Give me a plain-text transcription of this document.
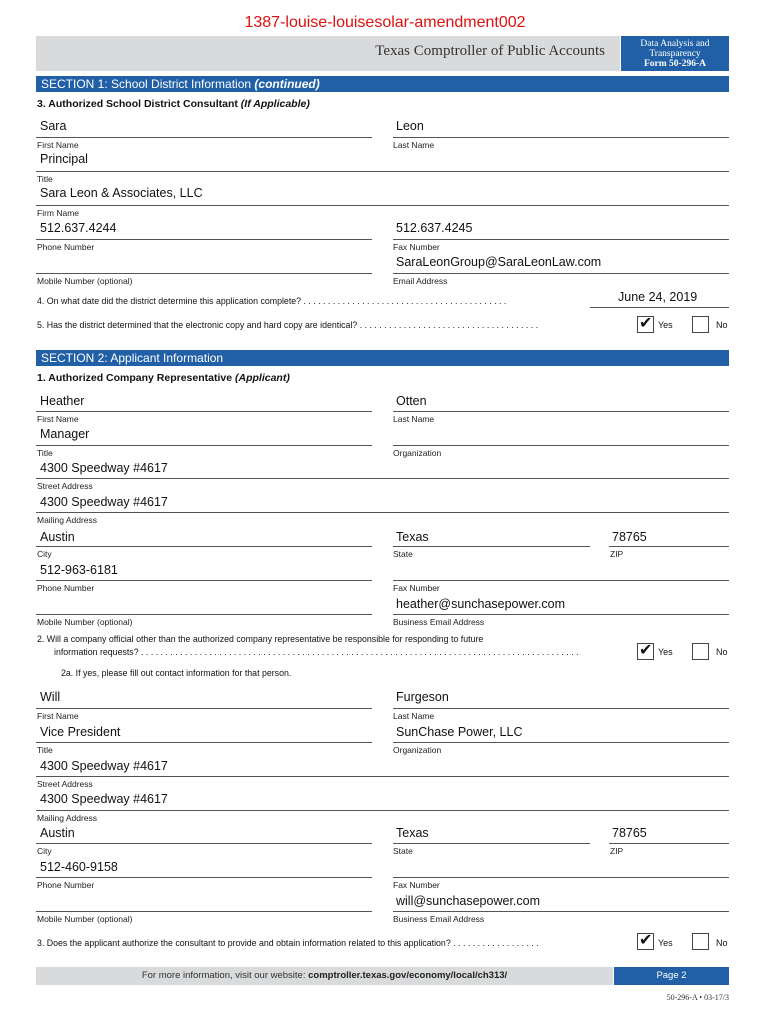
1387-louise-louisesolar-amendment002
Texas Comptroller of Public Accounts	Data Analysis and
Transparency
Form 50-296-A
SECTION 1: School District Information (continued)
3. Authorized School District Consultant (If Applicable)
Sara
First Name
Leon
Last Name
Principal
Title
Sara Leon & Associates, LLC
Firm Name
512.637.4244
Phone Number
512.637.4245
Fax Number
Mobile Number (optional)
SaraLeonGroup@SaraLeonLaw.com
Email Address
4. On what date did the district determine this application complete? . . . . . . . . . . . . . . . . . . . . . . . . . . . . . . . . . . . . . . . . . .	June 24, 2019
5. Has the district determined that the electronic copy and hard copy are identical? . . . . . . . . . . . . . . . . . . . . . . . . . . . . . . . . . . . . .	✔ Yes	No
SECTION 2: Applicant Information
1. Authorized Company Representative (Applicant)
Heather
First Name
Otten
Last Name
Manager
Title	Organization
4300 Speedway #4617
Street Address
4300 Speedway #4617
Mailing Address
Austin
City
Texas
State
78765
ZIP
512-963-6181
Phone Number	Fax Number
Mobile Number (optional)
heather@sunchasepower.com
Business Email Address
2. Will a company official other than the authorized company representative be responsible for responding to future
information requests? . . . . . . . . . . . . . . . . . . . . . . . . . . . . . . . . . . . . . . . . . . . . . . . . . . . . . . . . . . . . . . . . . . . . . . . . . . . . . . . . . . . . . . . . . .	✔ Yes	No
2a. If yes, please fill out contact information for that person.
Will
First Name
Furgeson
Last Name
Vice President
Title
SunChase Power, LLC
Organization
4300 Speedway #4617
Street Address
4300 Speedway #4617
Mailing Address
Austin
City
Texas
State
78765
ZIP
512-460-9158
Phone Number	Fax Number
Mobile Number (optional)
will@sunchasepower.com
Business Email Address
3. Does the applicant authorize the consultant to provide and obtain information related to this application? . . . . . . . . . . . . . . . . . .	✔ Yes	No
For more information, visit our website: comptroller.texas.gov/economy/local/ch313/	Page 2
50-296-A • 03-17/3
